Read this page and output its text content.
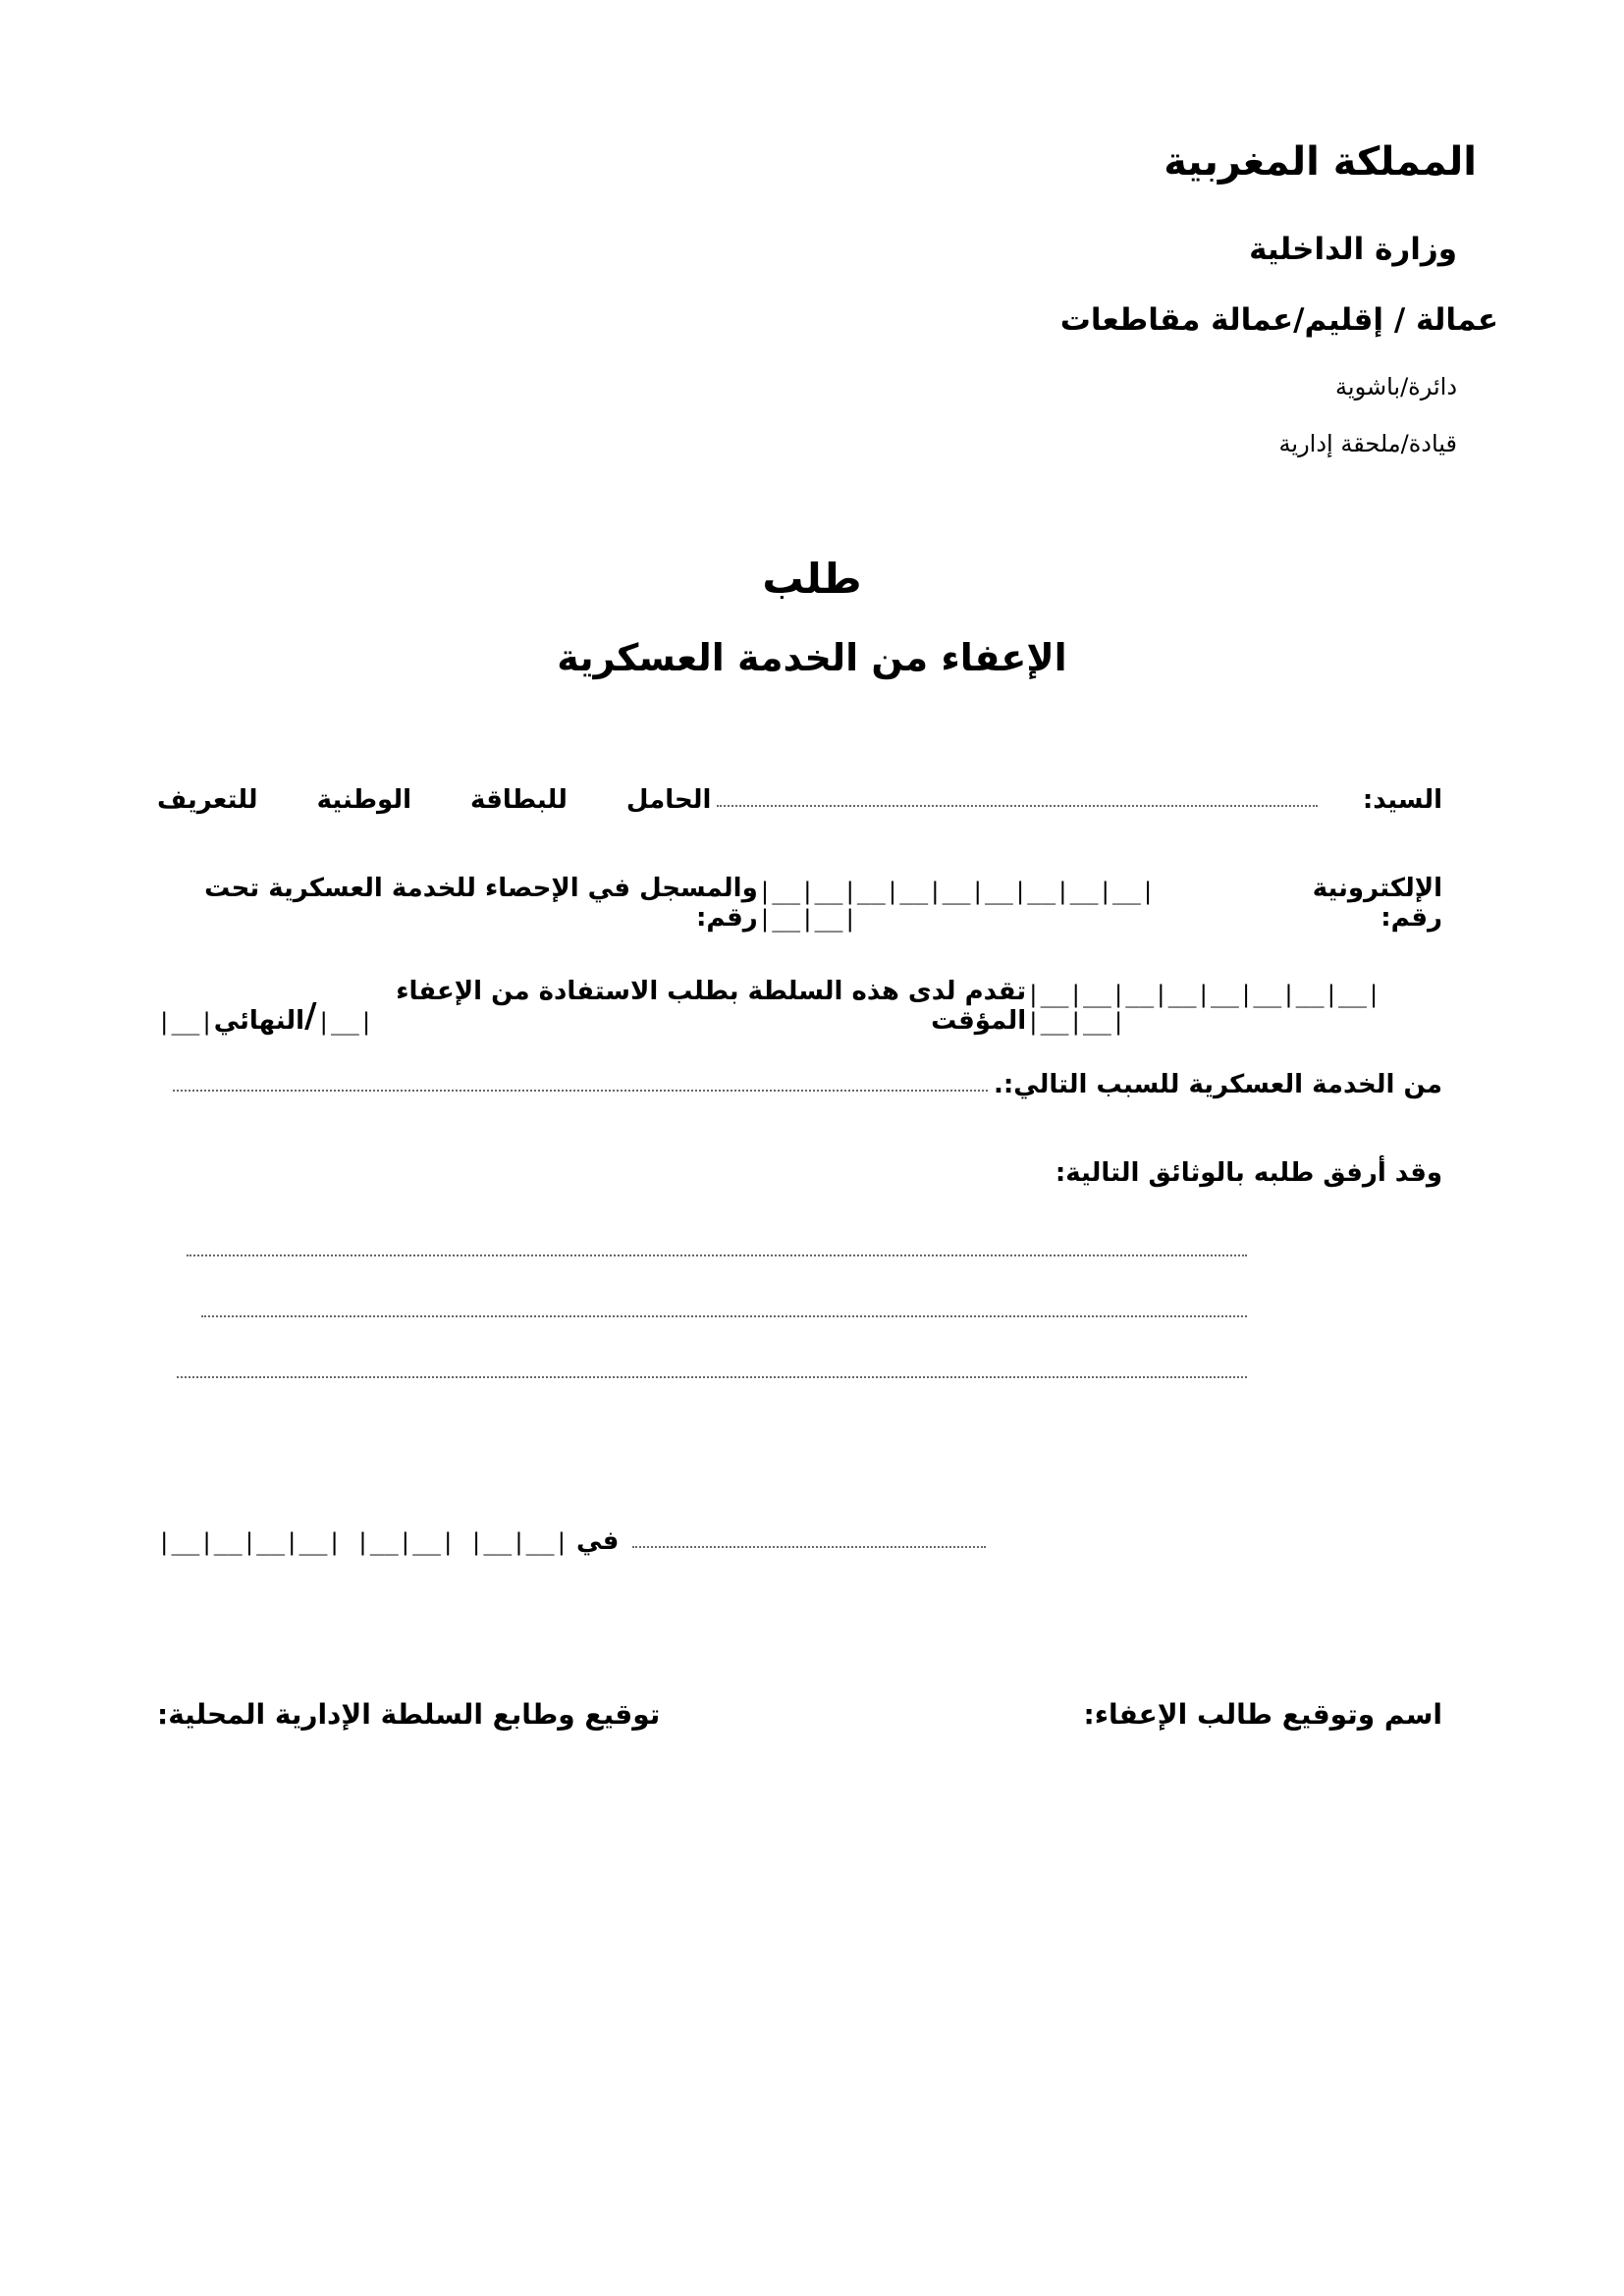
المملكة المغربية
وزارة الداخلية
عمالة / إقليم/عمالة مقاطعات
دائرة/باشوية
قيادة/ملحقة إدارية
طلب
الإعفاء من الخدمة العسكرية
السيد:
الحامل
للبطاقة
الوطنية
للتعريف
الإلكترونية رقم:
|__|__|__|__|__|__|__|__|__| |__|__|
والمسجل في الإحصاء للخدمة العسكرية تحت رقم:
|__|__|__|__|__|__|__|__| |__|__|
تقدم لدى هذه السلطة بطلب الاستفادة من الإعفاء المؤقت
|__|
/
النهائي
|__|
من الخدمة العسكرية للسبب التالي:.
وقد أرفق طلبه بالوثائق التالية:
|__|__|__|__| |__|__| |__|__| في
اسم وتوقيع طالب الإعفاء:
توقيع وطابع السلطة الإدارية المحلية:
